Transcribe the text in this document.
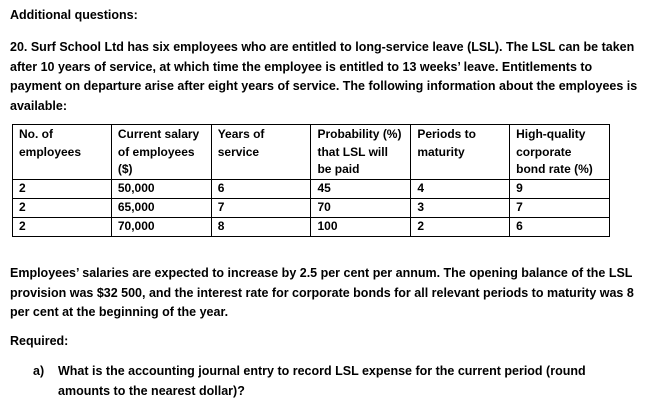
Additional questions:
20. Surf School Ltd has six employees who are entitled to long-service leave (LSL). The LSL can be taken after 10 years of service, at which time the employee is entitled to 13 weeks’ leave. Entitlements to payment on departure arise after eight years of service. The following information about the employees is available:
No. of employees	Current salary of employees ($)	Years of service	Probability (%) that LSL will be paid	Periods to maturity	High-quality corporate bond rate (%)
2	50,000	6	45	4	9
2	65,000	7	70	3	7
2	70,000	8	100	2	6
Employees’ salaries are expected to increase by 2.5 per cent per annum. The opening balance of the LSL provision was $32 500, and the interest rate for corporate bonds for all relevant periods to maturity was 8 per cent at the beginning of the year.
Required:
a)	What is the accounting journal entry to record LSL expense for the current period (round amounts to the nearest dollar)?
